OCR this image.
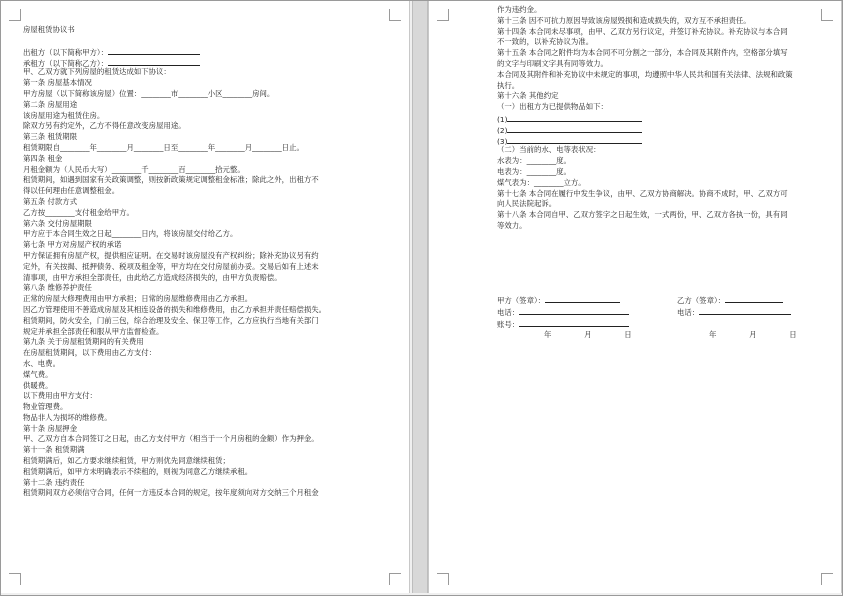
房屋租赁协议书
出租方（以下简称甲方）：
承租方（以下简称乙方）：
甲、乙双方就下列房屋的租赁达成如下协议：
第一条 房屋基本情况
甲方房屋（以下简称该房屋）位置：________市________小区________房间。
第二条 房屋用途
该房屋用途为租赁住房。
除双方另有约定外，乙方不得任意改变房屋用途。
第三条 租赁期限
租赁期限自________年________月________日至________年________月________日止。
第四条 租金
月租金额为（人民币大写）________千________百________拾元整。
租赁期间，如遇到国家有关政策调整，则按新政策规定调整租金标准；除此之外，出租方不
得以任何理由任意调整租金。
第五条 付款方式
乙方按________支付租金给甲方。
第六条 交付房屋期限
甲方应于本合同生效之日起________日内，将该房屋交付给乙方。
第七条 甲方对房屋产权的承诺
甲方保证拥有房屋产权，提供相应证明。在交易时该房屋没有产权纠纷；除补充协议另有约
定外，有关按揭、抵押债务、税项及租金等，甲方均在交付房屋前办妥。交易后如有上述未
清事项，由甲方承担全部责任，由此给乙方造成经济损失的，由甲方负责赔偿。
第八条 维修养护责任
正常的房屋大修理费用由甲方承担；日常的房屋维修费用由乙方承担。
因乙方管理使用不善造成房屋及其相连设备的损失和维修费用，由乙方承担并责任赔偿损失。
租赁期间，防火安全，门前三包，综合治理及安全、保卫等工作，乙方应执行当地有关部门
规定并承担全部责任和服从甲方监督检查。
第九条 关于房屋租赁期间的有关费用
在房屋租赁期间，以下费用由乙方支付：
水、电费。
煤气费。
供暖费。
以下费用由甲方支付：
物业管理费。
物品非人为损坏的维修费。
第十条 房屋押金
甲、乙双方自本合同签订之日起，由乙方支付甲方（相当于一个月房租的金额）作为押金。
第十一条 租赁期满
租赁期满后，如乙方要求继续租赁，甲方则优先同意继续租赁；
租赁期满后，如甲方未明确表示不续租的，则视为同意乙方继续承租。
第十二条 违约责任
租赁期间双方必须信守合同，任何一方违反本合同的规定，按年度须向对方交纳三个月租金
作为违约金。
第十三条 因不可抗力原因导致该房屋毁损和造成损失的，双方互不承担责任。
第十四条 本合同未尽事项，由甲、乙双方另行议定，并签订补充协议。补充协议与本合同
不一致的，以补充协议为准。
第十五条 本合同之附件均为本合同不可分割之一部分，本合同及其附件内，空格部分填写
的文字与印刷文字具有同等效力。
本合同及其附件和补充协议中未规定的事项，均遵照中华人民共和国有关法律、法规和政策
执行。
第十六条 其他约定
（一）出租方为已提供物品如下：
(1)
(2)
(3)
（二）当前的水、电等表状况：
水表为：________度。
电表为：________度。
煤气表为：________立方。
第十七条 本合同在履行中发生争议，由甲、乙双方协商解决。协商不成时，甲、乙双方可
向人民法院起诉。
第十八条 本合同自甲、乙双方签字之日起生效，一式两份，甲、乙双方各执一份，具有同
等效力。
甲方（签章）：	乙方（签章）：
电话：	电话：
账号：
年	月	日	年	月	日
